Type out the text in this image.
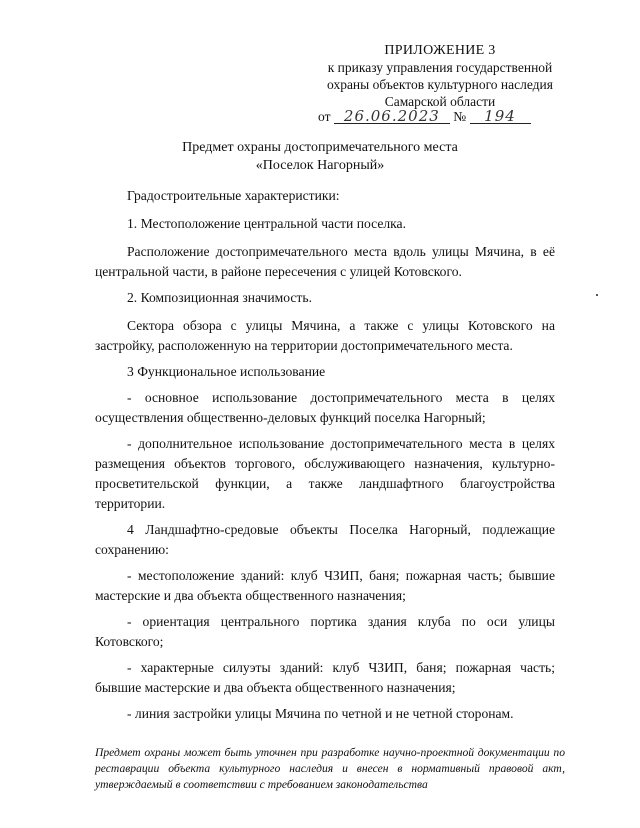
ПРИЛОЖЕНИЕ 3
к приказу управления государственной
охраны объектов культурного наследия
Самарской области
от 26.06.2023 № 194
Предмет охраны достопримечательного места
«Поселок Нагорный»

Градостроительные характеристики:

1. Местоположение центральной части поселка.

Расположение достопримечательного места вдоль улицы Мячина, в её центральной части, в районе пересечения с улицей Котовского.

2. Композиционная значимость.

Сектора обзора с улицы Мячина, а также с улицы Котовского на застройку, расположенную на территории достопримечательного места.

3 Функциональное использование

- основное использование достопримечательного места в целях осуществления общественно-деловых функций поселка Нагорный;

- дополнительное использование достопримечательного места в целях размещения объектов торгового, обслуживающего назначения, культурно-просветительской функции, а также ландшафтного благоустройства территории.

4 Ландшафтно-средовые объекты Поселка Нагорный, подлежащие сохранению:

- местоположение зданий: клуб ЧЗИП, баня; пожарная часть; бывшие мастерские и два объекта общественного назначения;

- ориентация центрального портика здания клуба по оси улицы Котовского;

- характерные силуэты зданий: клуб ЧЗИП, баня; пожарная часть; бывшие мастерские и два объекта общественного назначения;

- линия застройки улицы Мячина по четной и не четной сторонам.

Предмет охраны может быть уточнен при разработке научно-проектной документации по реставрации объекта культурного наследия и внесен в нормативный правовой акт, утверждаемый в соответствии с требованием законодательства
